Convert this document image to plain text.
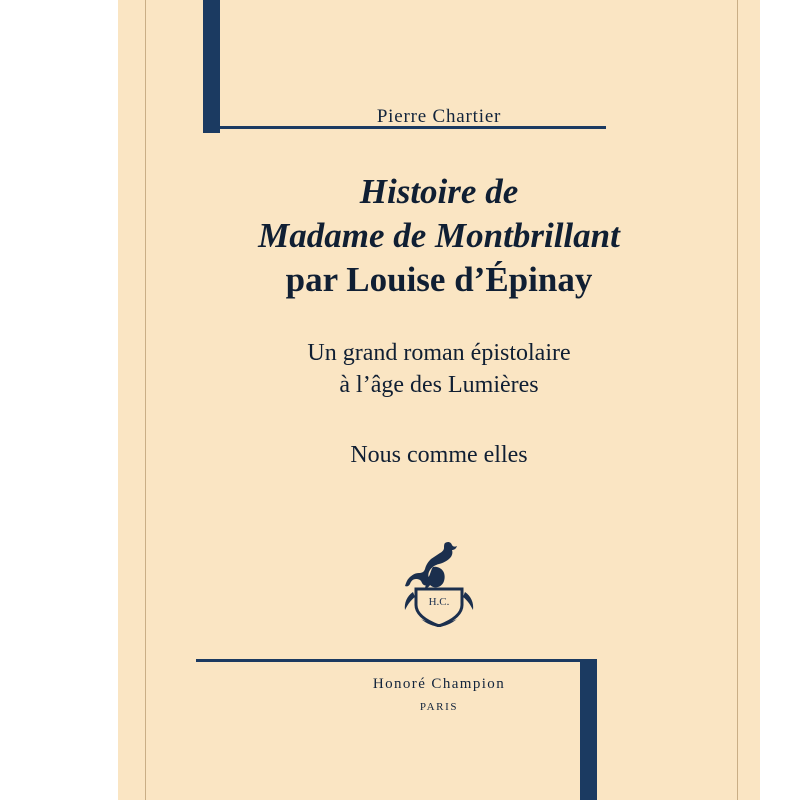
Pierre Chartier
Histoire de
Madame de Montbrillant
par Louise d’Épinay
Un grand roman épistolaire
à l’âge des Lumières
Nous comme elles
H.C.
Honoré Champion
PARIS
